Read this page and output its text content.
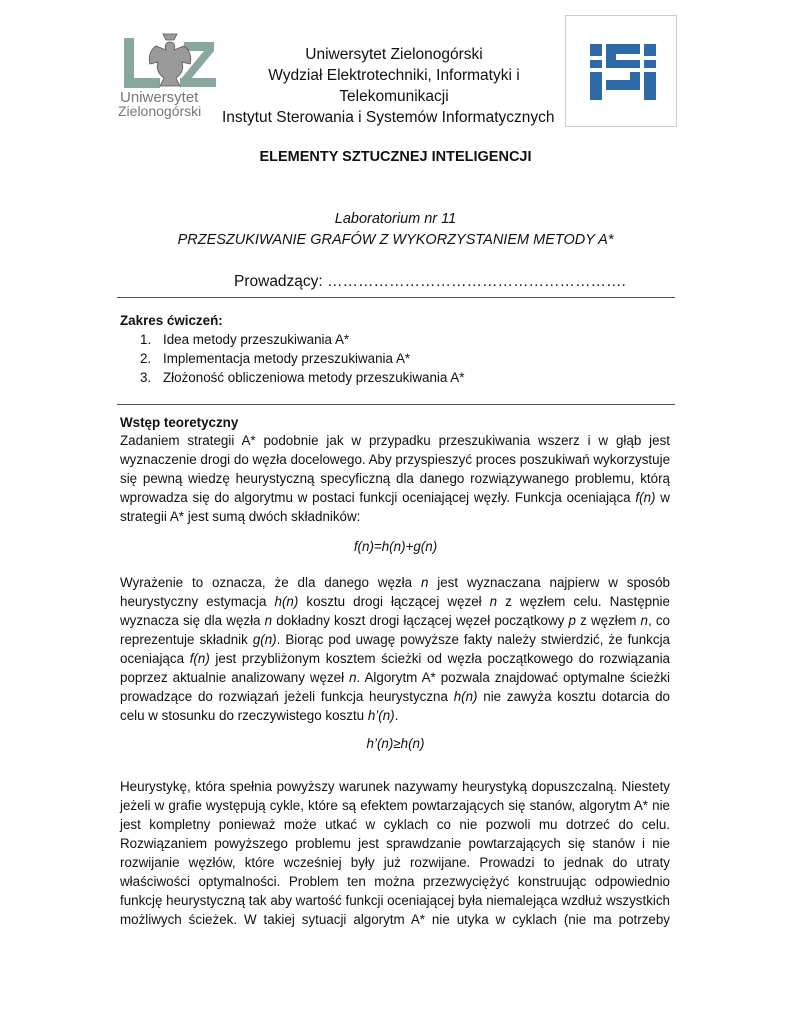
Uniwersytet
Zielonogórski
Uniwersytet Zielonogórski
Wydział Elektrotechniki, Informatyki i
Telekomunikacji
Instytut Sterowania i Systemów Informatycznych
ELEMENTY SZTUCZNEJ INTELIGENCJI
Laboratorium nr 11
PRZESZUKIWANIE GRAFÓW Z WYKORZYSTANIEM METODY A*
Prowadzący: ………………………………………………….
Zakres ćwiczeń:
1. Idea metody przeszukiwania A*
2. Implementacja metody przeszukiwania A*
3. Złożoność obliczeniowa metody przeszukiwania A*
Wstęp teoretyczny
Zadaniem strategii A* podobnie jak w przypadku przeszukiwania wszerz i w głąb jest
wyznaczenie drogi do węzła docelowego. Aby przyspieszyć proces poszukiwań wykorzystuje
się pewną wiedzę heurystyczną specyficzną dla danego rozwiązywanego problemu, którą
wprowadza się do algorytmu w postaci funkcji oceniającej węzły. Funkcja oceniająca f(n) w
strategii A* jest sumą dwóch składników:
f(n)=h(n)+g(n)
Wyrażenie to oznacza, że dla danego węzła n jest wyznaczana najpierw w sposób
heurystyczny estymacja h(n) kosztu drogi łączącej węzeł n z węzłem celu. Następnie
wyznacza się dla węzła n dokładny koszt drogi łączącej węzeł początkowy p z węzłem n, co
reprezentuje składnik g(n). Biorąc pod uwagę powyższe fakty należy stwierdzić, że funkcja
oceniająca f(n) jest przybliżonym kosztem ścieżki od węzła początkowego do rozwiązania
poprzez aktualnie analizowany węzeł n. Algorytm A* pozwala znajdować optymalne ścieżki
prowadzące do rozwiązań jeżeli funkcja heurystyczna h(n) nie zawyża kosztu dotarcia do
celu w stosunku do rzeczywistego kosztu h’(n).
h’(n)≥h(n)
Heurystykę, która spełnia powyższy warunek nazywamy heurystyką dopuszczalną. Niestety
jeżeli w grafie występują cykle, które są efektem powtarzających się stanów, algorytm A* nie
jest kompletny ponieważ może utkać w cyklach co nie pozwoli mu dotrzeć do celu.
Rozwiązaniem powyższego problemu jest sprawdzanie powtarzających się stanów i nie
rozwijanie węzłów, które wcześniej były już rozwijane. Prowadzi to jednak do utraty
właściwości optymalności. Problem ten można przezwyciężyć konstruując odpowiednio
funkcję heurystyczną tak aby wartość funkcji oceniającej była niemalejąca wzdłuż wszystkich
możliwych ścieżek. W takiej sytuacji algorytm A* nie utyka w cyklach (nie ma potrzeby
